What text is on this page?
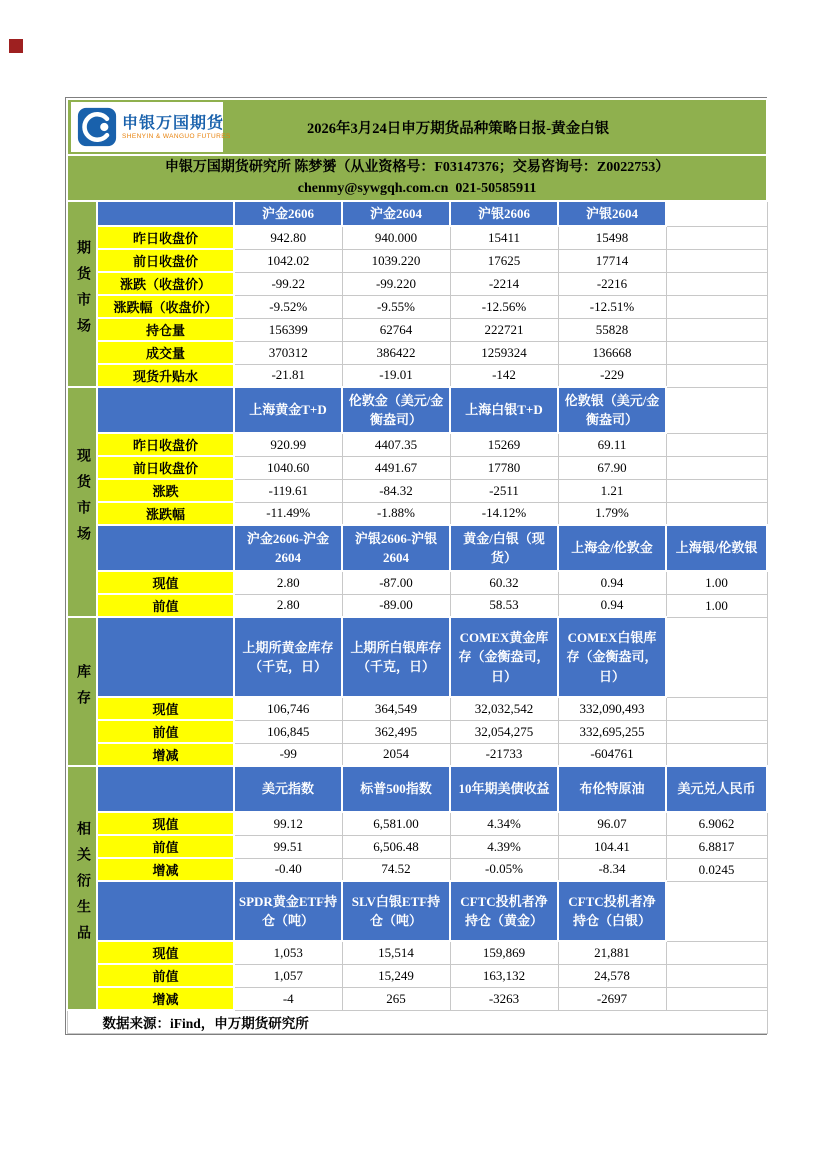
申银万国期货
SHENYIN & WANGUO FUTURES
2026年3月24日申万期货品种策略日报-黄金白银						

申银万国期货研究所 陈梦赟（从业资格号：F03147376；交易咨询号：Z0022753）
chenmy@sywgqh.com.cn  021-50585911						

期货市场		沪金2606	沪金2604	沪银2606	沪银2604	
	昨日收盘价	942.80	940.000	15411	15498	
	前日收盘价	1042.02	1039.220	17625	17714	
	涨跌（收盘价）	-99.22	-99.220	-2214	-2216	
	涨跌幅（收盘价）	-9.52%	-9.55%	-12.56%	-12.51%	
	持仓量	156399	62764	222721	55828	
	成交量	370312	386422	1259324	136668	
	现货升贴水	-21.81	-19.01	-142	-229	
现货市场		上海黄金T+D	伦敦金（美元/金衡盎司）	上海白银T+D	伦敦银（美元/金衡盎司）	
	昨日收盘价	920.99	4407.35	15269	69.11	
	前日收盘价	1040.60	4491.67	17780	67.90	
	涨跌	-119.61	-84.32	-2511	1.21	
	涨跌幅	-11.49%	-1.88%	-14.12%	1.79%	
		沪金2606-沪金2604	沪银2606-沪银2604	黄金/白银（现货）	上海金/伦敦金	上海银/伦敦银
	现值	2.80	-87.00	60.32	0.94	1.00
	前值	2.80	-89.00	58.53	0.94	1.00
库存		上期所黄金库存（千克，日）	上期所白银库存（千克，日）	COMEX黄金库存（金衡盎司，日）	COMEX白银库存（金衡盎司，日）	
	现值	106,746	364,549	32,032,542	332,090,493	
	前值	106,845	362,495	32,054,275	332,695,255	
	增减	-99	2054	-21733	-604761	
相关衍生品		美元指数	标普500指数	10年期美债收益	布伦特原油	美元兑人民币
	现值	99.12	6,581.00	4.34%	96.07	6.9062
	前值	99.51	6,506.48	4.39%	104.41	6.8817
	增减	-0.40	74.52	-0.05%	-8.34	0.0245
		SPDR黄金ETF持仓（吨）	SLV白银ETF持仓（吨）	CFTC投机者净持仓（黄金）	CFTC投机者净持仓（白银）	
	现值	1,053	15,514	159,869	21,881	
	前值	1,057	15,249	163,132	24,578	
	增减	-4	265	-3263	-2697	
数据来源：iFind，申万期货研究所						
